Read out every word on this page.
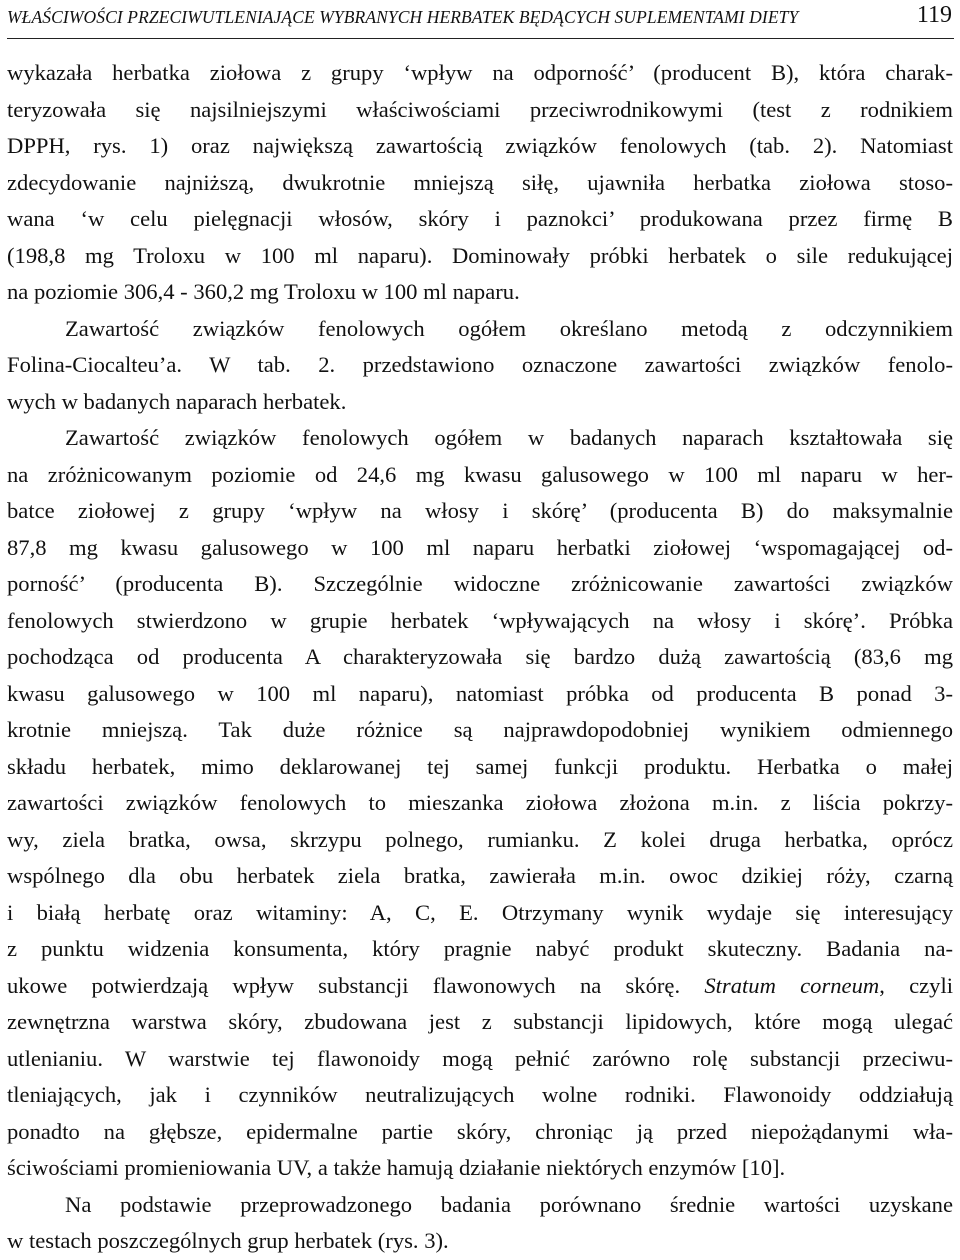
WŁAŚCIWOŚCI PRZECIWUTLENIAJĄCE WYBRANYCH HERBATEK BĘDĄCYCH SUPLEMENTAMI DIETY	119
wykazała herbatka ziołowa z grupy ‘wpływ na odporność’ (producent B), która charak-
teryzowała się najsilniejszymi właściwościami przeciwrodnikowymi (test z rodnikiem
DPPH, rys. 1) oraz największą zawartością związków fenolowych (tab. 2). Natomiast
zdecydowanie najniższą, dwukrotnie mniejszą siłę, ujawniła herbatka ziołowa stoso-
wana ‘w celu pielęgnacji włosów, skóry i paznokci’ produkowana przez firmę B
(198,8 mg Troloxu w 100 ml naparu). Dominowały próbki herbatek o sile redukującej
na poziomie 306,4 - 360,2 mg Troloxu w 100 ml naparu.
Zawartość związków fenolowych ogółem określano metodą z odczynnikiem
Folina-Ciocalteu’a. W tab. 2. przedstawiono oznaczone zawartości związków fenolo-
wych w badanych naparach herbatek.
Zawartość związków fenolowych ogółem w badanych naparach kształtowała się
na zróżnicowanym poziomie od 24,6 mg kwasu galusowego w 100 ml naparu w her-
batce ziołowej z grupy ‘wpływ na włosy i skórę’ (producenta B) do maksymalnie
87,8 mg kwasu galusowego w 100 ml naparu herbatki ziołowej ‘wspomagającej od-
porność’ (producenta B). Szczególnie widoczne zróżnicowanie zawartości związków
fenolowych stwierdzono w grupie herbatek ‘wpływających na włosy i skórę’. Próbka
pochodząca od producenta A charakteryzowała się bardzo dużą zawartością (83,6 mg
kwasu galusowego w 100 ml naparu), natomiast próbka od producenta B ponad 3-
krotnie mniejszą. Tak duże różnice są najprawdopodobniej wynikiem odmiennego
składu herbatek, mimo deklarowanej tej samej funkcji produktu. Herbatka o małej
zawartości związków fenolowych to mieszanka ziołowa złożona m.in. z liścia pokrzy-
wy, ziela bratka, owsa, skrzypu polnego, rumianku. Z kolei druga herbatka, oprócz
wspólnego dla obu herbatek ziela bratka, zawierała m.in. owoc dzikiej róży, czarną
i białą herbatę oraz witaminy: A, C, E. Otrzymany wynik wydaje się interesujący
z punktu widzenia konsumenta, który pragnie nabyć produkt skuteczny. Badania na-
ukowe potwierdzają wpływ substancji flawonowych na skórę. Stratum corneum, czyli
zewnętrzna warstwa skóry, zbudowana jest z substancji lipidowych, które mogą ulegać
utlenianiu. W warstwie tej flawonoidy mogą pełnić zarówno rolę substancji przeciwu-
tleniających, jak i czynników neutralizujących wolne rodniki. Flawonoidy oddziałują
ponadto na głębsze, epidermalne partie skóry, chroniąc ją przed niepożądanymi wła-
ściwościami promieniowania UV, a także hamują działanie niektórych enzymów [10].
Na podstawie przeprowadzonego badania porównano średnie wartości uzyskane
w testach poszczególnych grup herbatek (rys. 3).
